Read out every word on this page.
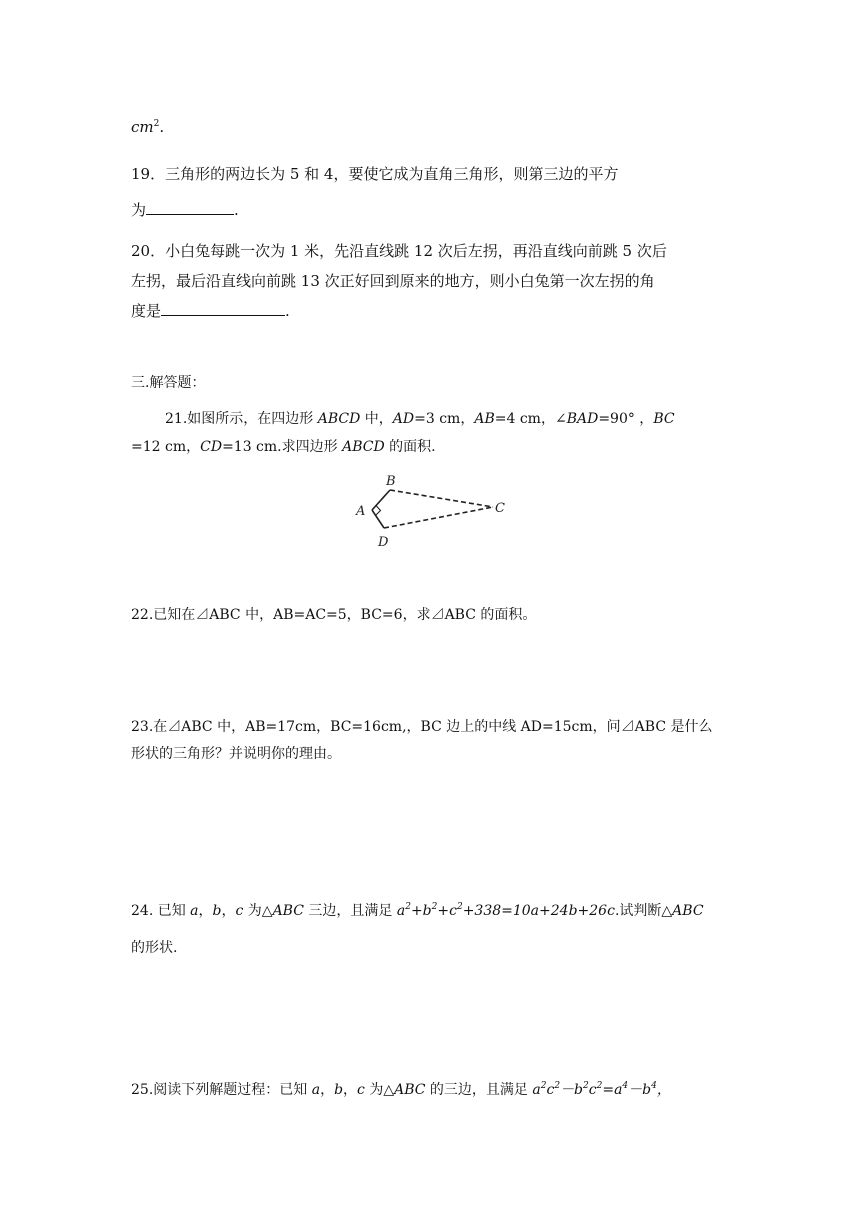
$cm^2$.
19．三角形的两边长为 5 和 4，要使它成为直角三角形，则第三边的平方
为	.
20．小白兔每跳一次为 1 米，先沿直线跳 12 次后左拐，再沿直线向前跳 5 次后
左拐，最后沿直线向前跳 13 次正好回到原来的地方，则小白兔第一次左拐的角
度是	.
三.解答题：
21.如图所示，在四边形 ABCD 中，AD=3 cm，AB=4 cm，∠BAD=90° ，BC
=12 cm，CD=13 cm.求四边形 ABCD 的面积.
A
B
C
D
22.已知在⊿ABC 中，AB=AC=5，BC=6，求⊿ABC 的面积。
23.在⊿ABC 中，AB=17cm，BC=16cm,，BC 边上的中线 AD=15cm，问⊿ABC 是什么
形状的三角形？并说明你的理由。
24. 已知 a，b，c 为△ABC 三边，且满足 $a^2+b^2+c^2+338=10a+24b+26c$.试判断△ABC
的形状.
25.阅读下列解题过程：已知 a，b，c 为△ABC 的三边，且满足 $a^2c^2-b^2c^2=a^4-b^4$，
